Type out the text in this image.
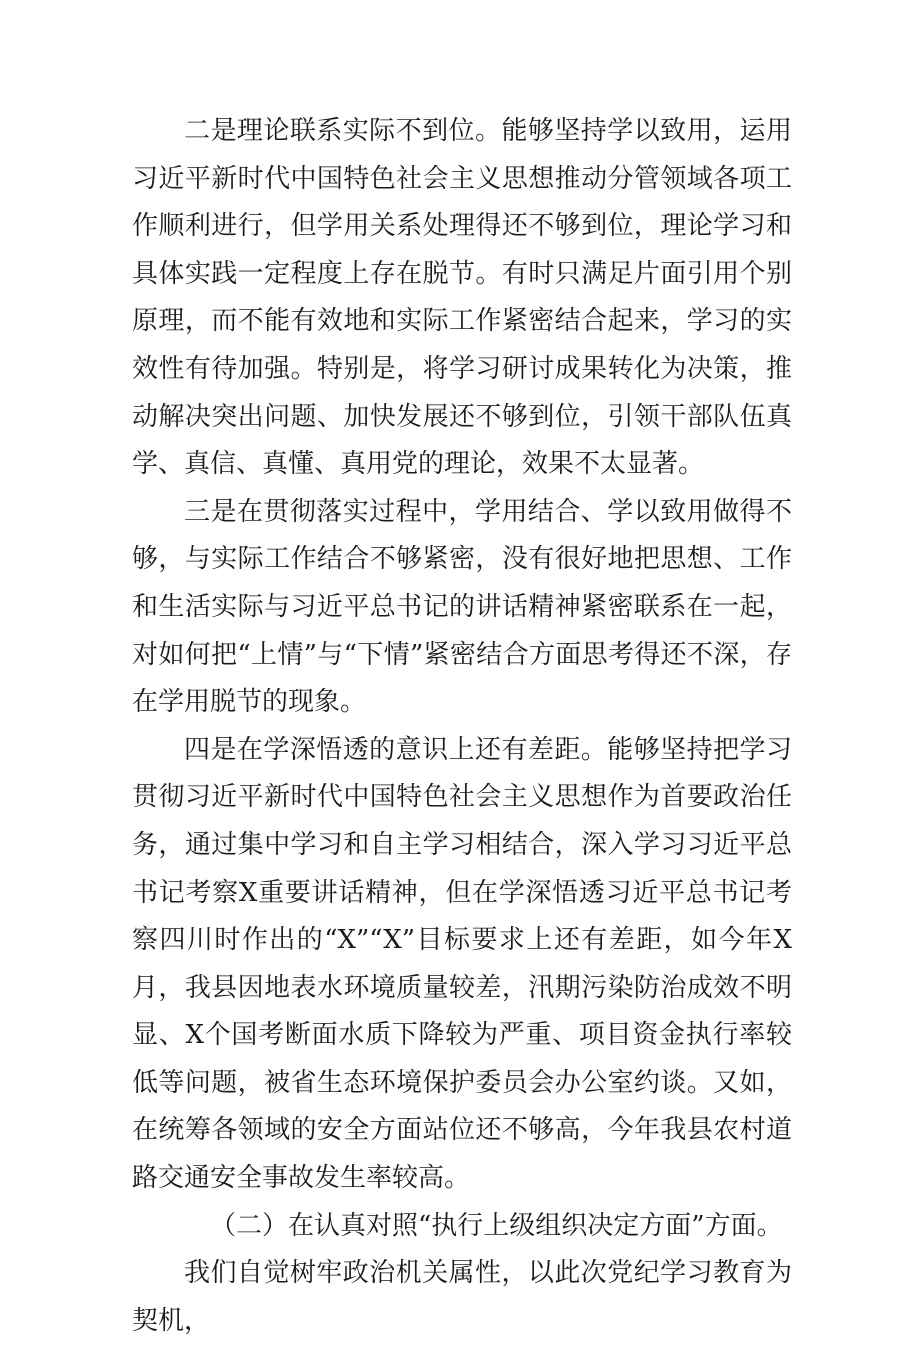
二是理论联系实际不到位。能够坚持学以致用，运用习近平新时代中国特色社会主义思想推动分管领域各项工作顺利进行，但学用关系处理得还不够到位，理论学习和具体实践一定程度上存在脱节。有时只满足片面引用个别原理，而不能有效地和实际工作紧密结合起来，学习的实效性有待加强。特别是，将学习研讨成果转化为决策，推动解决突出问题、加快发展还不够到位，引领干部队伍真学、真信、真懂、真用党的理论，效果不太显著。

三是在贯彻落实过程中，学用结合、学以致用做得不够，与实际工作结合不够紧密，没有很好地把思想、工作和生活实际与习近平总书记的讲话精神紧密联系在一起，对如何把“上情”与“下情”紧密结合方面思考得还不深，存在学用脱节的现象。

四是在学深悟透的意识上还有差距。能够坚持把学习贯彻习近平新时代中国特色社会主义思想作为首要政治任务，通过集中学习和自主学习相结合，深入学习习近平总书记考察X重要讲话精神，但在学深悟透习近平总书记考察四川时作出的“X”“X”目标要求上还有差距，如今年X月，我县因地表水环境质量较差，汛期污染防治成效不明显、X个国考断面水质下降较为严重、项目资金执行率较低等问题，被省生态环境保护委员会办公室约谈。又如，在统筹各领域的安全方面站位还不够高，今年我县农村道路交通安全事故发生率较高。

（二）在认真对照“执行上级组织决定方面”方面。

我们自觉树牢政治机关属性，以此次党纪学习教育为契机，
